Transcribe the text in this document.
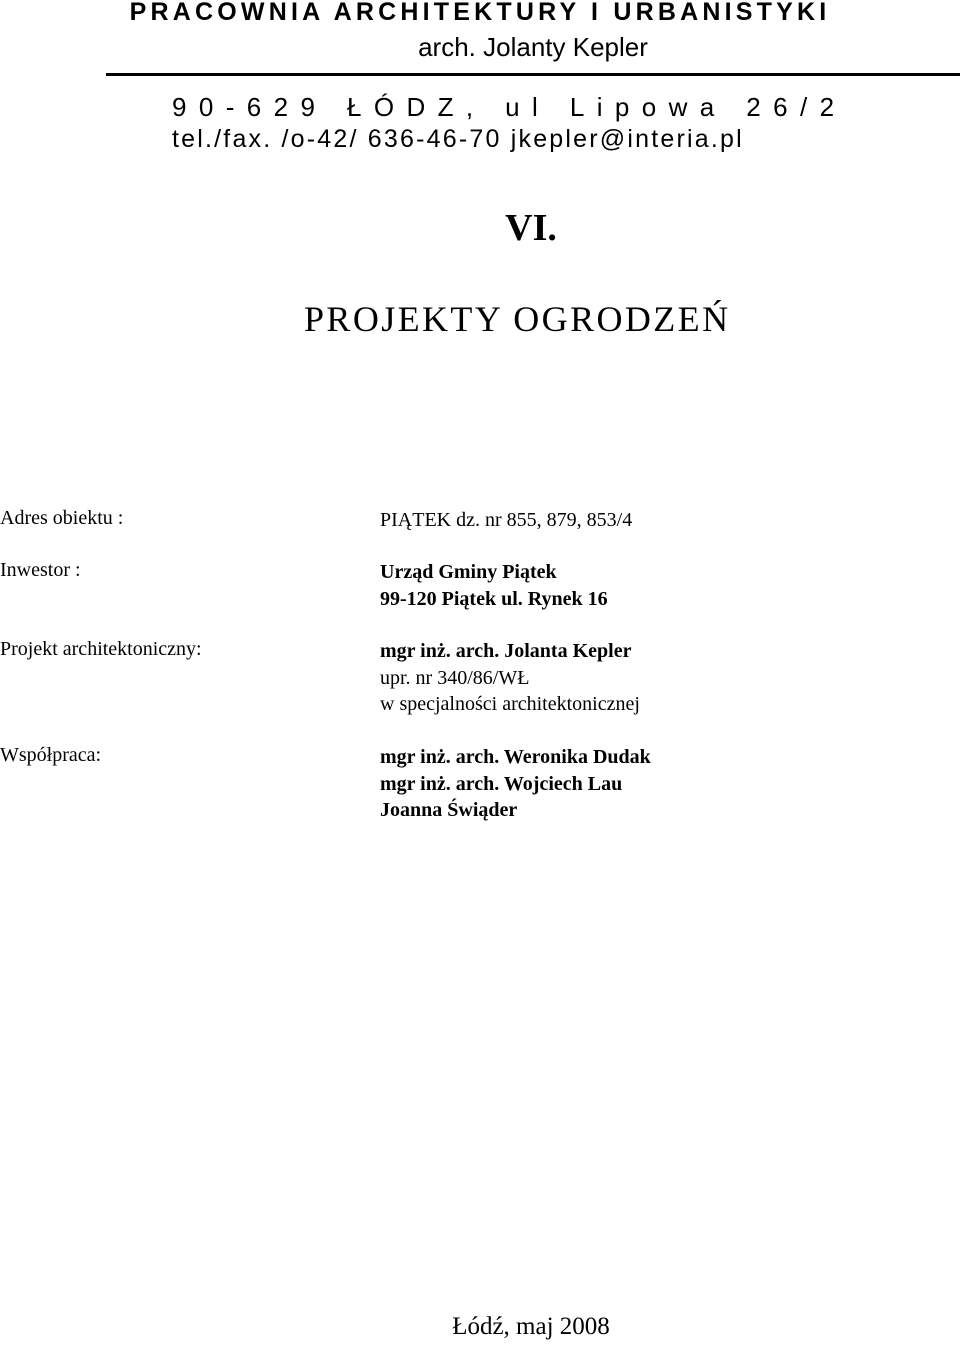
PRACOWNIA ARCHITEKTURY I URBANISTYKI
arch. Jolanty Kepler
90-629 ŁÓDZ, ul Lipowa 26/2
tel./fax. /o-42/ 636-46-70 jkepler@interia.pl
VI.
PROJEKTY OGRODZEŃ
Adres obiektu :	PIĄTEK dz. nr 855, 879, 853/4
Inwestor :	Urząd Gminy Piątek
99-120 Piątek ul. Rynek 16
Projekt architektoniczny:	mgr inż. arch. Jolanta Kepler
upr. nr 340/86/WŁ
w specjalności architektonicznej
Współpraca:	mgr inż. arch. Weronika Dudak
mgr inż. arch. Wojciech Lau
Joanna Świąder
Łódź, maj 2008
